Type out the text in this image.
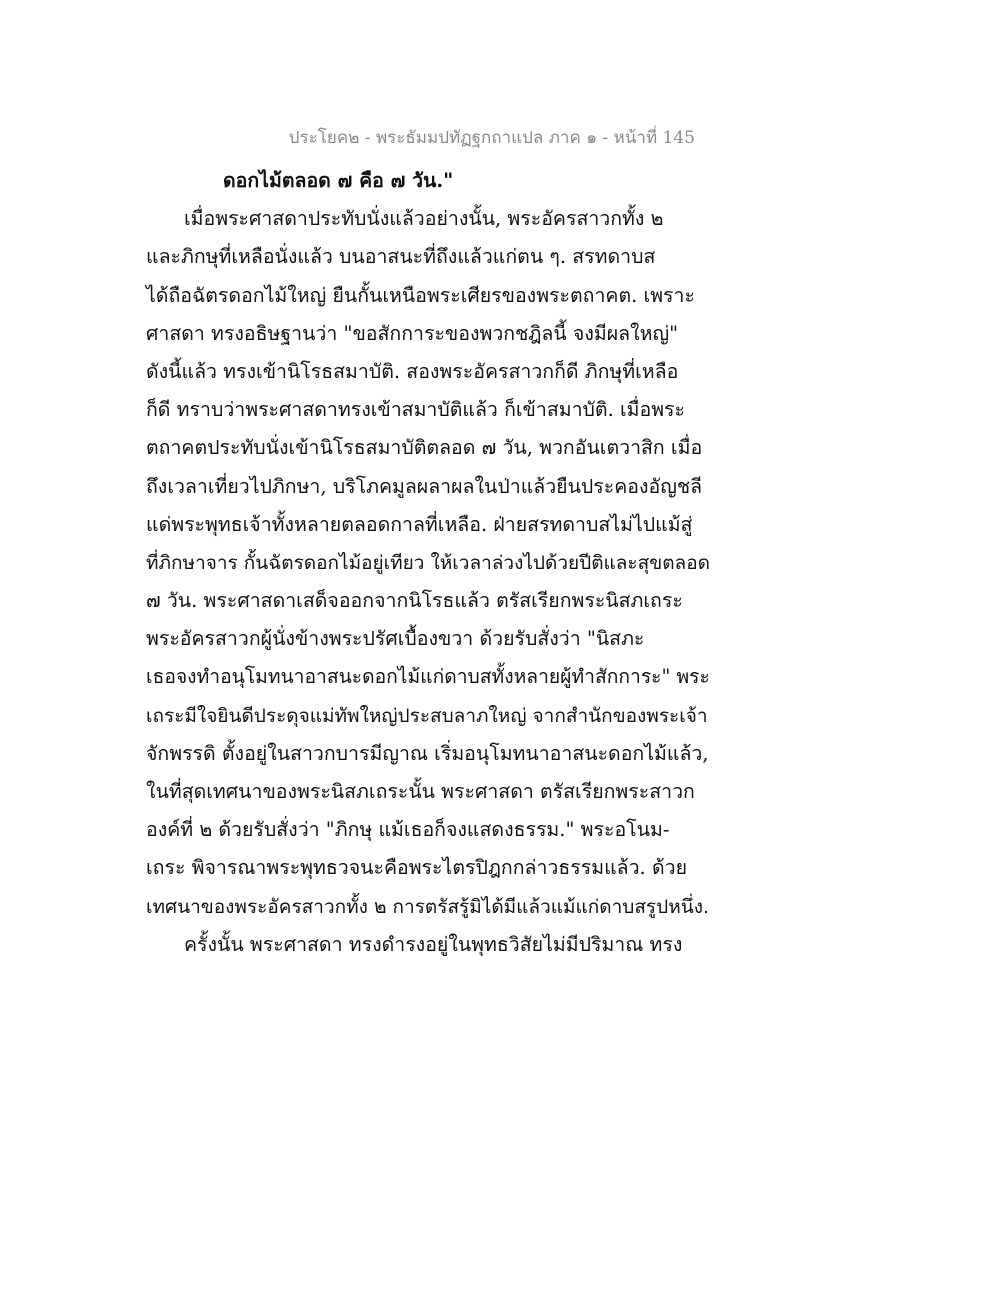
ประโยค๒ - พระธัมมปทัฏฐกถาแปล ภาค ๑ - หน้าที่ 145
ดอกไม้ตลอด ๗ คือ ๗ วัน."
เมื่อพระศาสดาประทับนั่งแล้วอย่างนั้น, พระอัครสาวกทั้ง ๒
และภิกษุที่เหลือนั่งแล้ว บนอาสนะที่ถึงแล้วแก่ตน ๆ. สรทดาบส
ได้ถือฉัตรดอกไม้ใหญ่ ยืนกั้นเหนือพระเศียรของพระตถาคต. เพราะ
ศาสดา ทรงอธิษฐานว่า "ขอสักการะของพวกชฎิลนี้ จงมีผลใหญ่"
ดังนี้แล้ว ทรงเข้านิโรธสมาบัติ. สองพระอัครสาวกก็ดี ภิกษุที่เหลือ
ก็ดี ทราบว่าพระศาสดาทรงเข้าสมาบัติแล้ว ก็เข้าสมาบัติ. เมื่อพระ
ตถาคตประทับนั่งเข้านิโรธสมาบัติตลอด ๗ วัน, พวกอันเตวาสิก เมื่อ
ถึงเวลาเที่ยวไปภิกษา, บริโภคมูลผลาผลในป่าแล้วยืนประคองอัญชลี
แด่พระพุทธเจ้าทั้งหลายตลอดกาลที่เหลือ. ฝ่ายสรทดาบสไม่ไปแม้สู่
ที่ภิกษาจาร กั้นฉัตรดอกไม้อยู่เทียว ให้เวลาล่วงไปด้วยปีติและสุขตลอด
๗ วัน. พระศาสดาเสด็จออกจากนิโรธแล้ว ตรัสเรียกพระนิสภเถระ
พระอัครสาวกผู้นั่งข้างพระปรัศเบื้องขวา ด้วยรับสั่งว่า "นิสภะ
เธอจงทำอนุโมทนาอาสนะดอกไม้แก่ดาบสทั้งหลายผู้ทำสักการะ" พระ
เถระมีใจยินดีประดุจแม่ทัพใหญ่ประสบลาภใหญ่ จากสำนักของพระเจ้า
จักพรรดิ ตั้งอยู่ในสาวกบารมีญาณ เริ่มอนุโมทนาอาสนะดอกไม้แล้ว,
ในที่สุดเทศนาของพระนิสภเถระนั้น พระศาสดา ตรัสเรียกพระสาวก
องค์ที่ ๒ ด้วยรับสั่งว่า "ภิกษุ แม้เธอก็จงแสดงธรรม." พระอโนม-
เถระ พิจารณาพระพุทธวจนะคือพระไตรปิฎกกล่าวธรรมแล้ว. ด้วย
เทศนาของพระอัครสาวกทั้ง ๒ การตรัสรู้มิได้มีแล้วแม้แก่ดาบสรูปหนึ่ง.
ครั้งนั้น พระศาสดา ทรงดำรงอยู่ในพุทธวิสัยไม่มีปริมาณ ทรง
